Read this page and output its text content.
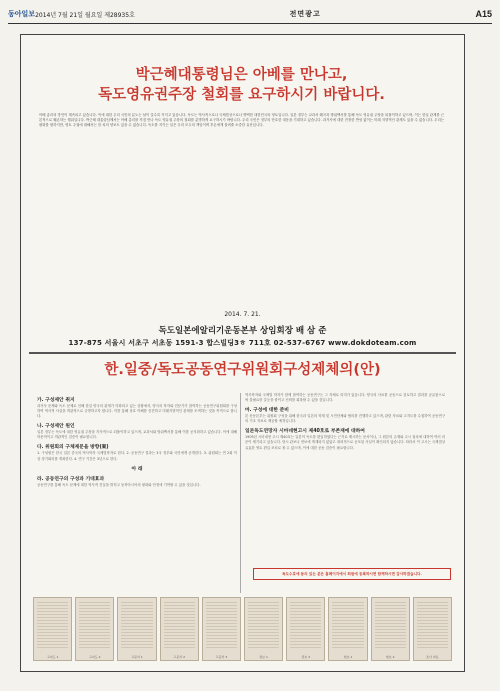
동아일보 2014년 7월 21일 월요일 제28935호	전면광고	A15
박근혜대통령님은 아베를 만나고,
독도영유권주장 철회를 요구하시기 바랍니다.
아베 총리의 망언이 계속되고 있습니다. 이에 대한 우리 국민의 분노는 날이 갈수록 커지고 있습니다. 독도는 역사적으로나 국제법상으로나 명백한 대한민국의 영토입니다. 일본 정부는 교과서 왜곡과 방위백서를 통해 독도 영유권 주장을 되풀이하고 있으며, 이는 한일 관계를 근본적으로 훼손하는 행위입니다. 박근혜 대통령님께서는 아베 총리를 직접 만나 독도 영유권 주장의 철회를 분명하게 요구하시기 바랍니다. 우리 국민은 정부의 단호한 대응을 기대하고 있습니다. 과거사에 대한 진정한 반성 없이는 미래 지향적인 관계도 있을 수 없습니다. 우리는 평화를 원하지만, 영토 주권에 대해서는 한 치의 양보도 있을 수 없습니다. 독도를 지키는 일은 우리 모두의 책임이며 후손에게 물려줄 소중한 유산입니다.
2014. 7. 21.
독도일본에알리기운동본부 상임회장 배 삼 준
137-875 서울시 서초구 서초동 1591-3 합스빌딩3ㅎ 711호 02-537-6767 www.dokdoteam.com
한.일중/독도공동연구위원회구성제체의(안)
가. 구성제안 취지
과거사 문제와 독도 문제로 인해 한일 양국의 관계가 악화되고 있는 상황에서, 양국의 학자와 전문가가 참여하는 공동연구위원회를 구성하여 역사적 사실을 객관적으로 규명하고자 합니다. 이를 통해 상호 이해를 증진하고 미래지향적인 관계를 모색하는 것을 목적으로 합니다.
나. 구성제안 원인
일본 정부는 독도에 대한 영유권 주장을 지속적으로 되풀이하고 있으며, 교과서와 방위백서를 통해 이를 공식화하고 있습니다. 이에 대해 학문적이고 객관적인 검증이 필요합니다.
다. 위원회의 구체제문을 방향(案)
1. 구성원은 한국 일본 중국의 역사학자 국제법학자로 한다. 2. 공동연구 결과는 3국 정부와 국민에게 공개한다. 3. 위원회는 연 2회 이상 정기회의를 개최한다. 4. 연구 기간은 3년으로 한다.
아 래
라. 공동연구의 구성과 기대효과
공동연구를 통해 독도 문제에 대한 역사적 진실을 밝히고 동북아시아의 평화와 안정에 기여할 수 있을 것입니다.
역사학자와 국제법 학자가 함께 참여하는 공동연구는 그 자체로 의미가 있습니다. 양국의 사료를 공동으로 검토하고 결과를 공유함으로써 불필요한 갈등을 줄이고 신뢰를 회복할 수 있을 것입니다.
마. 구성에 대한 준비
본 운동본부는 위원회 구성을 위해 한국과 일본의 학계 및 시민단체와 협의를 진행하고 있으며, 관련 자료와 고지도를 수집하여 공동연구의 기초 자료로 제공할 예정입니다.
일본독도연망자 시마네현고시 제40호로 부존재에 대하여
1905년 시마네현 고시 제40호는 일본이 독도를 편입하였다는 근거로 제시하는 문서이나, 그 원본의 존재와 고시 절차에 대하여 여러 의문이 제기되고 있습니다. 당시 관보나 현보에 게재되지 않았고 대외적으로 공포된 사실이 확인되지 않습니다. 따라서 이 고시는 국제법상 유효한 영토 편입 조치로 볼 수 없으며, 이에 대한 공동 검증이 필요합니다.
독도수호에 동의 있는 분은 홈페이지에서 회원에 등록하시면 함께하시면 감사하겠습니다.
고지도 1	고지도 2	고문서 1	고문서 2	고문서 3	관보 1	관보 2	현보 1	현보 2	조사 자료
